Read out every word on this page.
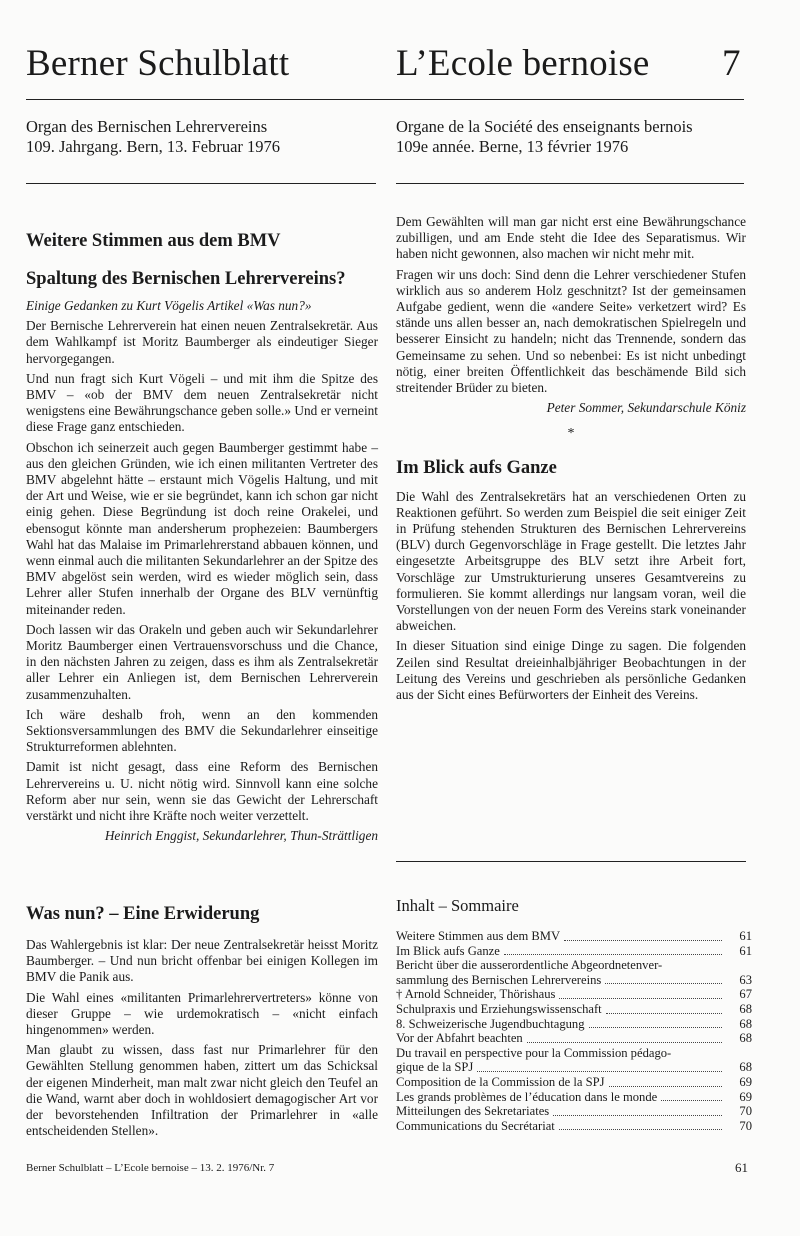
Berner Schulblatt	L’Ecole bernoise 7
Organ des Bernischen Lehrervereins
109. Jahrgang. Bern, 13. Februar 1976
Organe de la Société des enseignants bernois
109e année. Berne, 13 février 1976
Weitere Stimmen aus dem BMV
Spaltung des Bernischen Lehrervereins?

Einige Gedanken zu Kurt Vögelis Artikel «Was nun?»

Der Bernische Lehrerverein hat einen neuen Zentralsekretär. Aus dem Wahlkampf ist Moritz Baumberger als eindeutiger Sieger hervorgegangen.

Und nun fragt sich Kurt Vögeli – und mit ihm die Spitze des BMV – «ob der BMV dem neuen Zentralsekretär nicht wenigstens eine Bewährungschance geben solle.» Und er verneint diese Frage ganz entschieden.

Obschon ich seinerzeit auch gegen Baumberger gestimmt habe – aus den gleichen Gründen, wie ich einen militanten Vertreter des BMV abgelehnt hätte – erstaunt mich Vögelis Haltung, und mit der Art und Weise, wie er sie begründet, kann ich schon gar nicht einig gehen. Diese Begründung ist doch reine Orakelei, und ebensogut könnte man andersherum prophezeien: Baumbergers Wahl hat das Malaise im Primarlehrerstand abbauen können, und wenn einmal auch die militanten Sekundarlehrer an der Spitze des BMV abgelöst sein werden, wird es wieder möglich sein, dass Lehrer aller Stufen innerhalb der Organe des BLV vernünftig miteinander reden.

Doch lassen wir das Orakeln und geben auch wir Sekundarlehrer Moritz Baumberger einen Vertrauensvorschuss und die Chance, in den nächsten Jahren zu zeigen, dass es ihm als Zentralsekretär aller Lehrer ein Anliegen ist, dem Bernischen Lehrerverein zusammenzuhalten.

Ich wäre deshalb froh, wenn an den kommenden Sektionsversammlungen des BMV die Sekundarlehrer einseitige Strukturreformen ablehnten.

Damit ist nicht gesagt, dass eine Reform des Bernischen Lehrervereins u. U. nicht nötig wird. Sinnvoll kann eine solche Reform aber nur sein, wenn sie das Gewicht der Lehrerschaft verstärkt und nicht ihre Kräfte noch weiter verzettelt.

Heinrich Enggist, Sekundarlehrer, Thun-Strättligen

Was nun? – Eine Erwiderung

Das Wahlergebnis ist klar: Der neue Zentralsekretär heisst Moritz Baumberger. – Und nun bricht offenbar bei einigen Kollegen im BMV die Panik aus.

Die Wahl eines «militanten Primarlehrervertreters» könne von dieser Gruppe – wie urdemokratisch – «nicht einfach hingenommen» werden.

Man glaubt zu wissen, dass fast nur Primarlehrer für den Gewählten Stellung genommen haben, zittert um das Schicksal der eigenen Minderheit, man malt zwar nicht gleich den Teufel an die Wand, warnt aber doch in wohldosiert demagogischer Art vor der bevorstehenden Infiltration der Primarlehrer in «alle entscheidenden Stellen».

Dem Gewählten will man gar nicht erst eine Bewährungschance zubilligen, und am Ende steht die Idee des Separatismus. Wir haben nicht gewonnen, also machen wir nicht mehr mit.

Fragen wir uns doch: Sind denn die Lehrer verschiedener Stufen wirklich aus so anderem Holz geschnitzt? Ist der gemeinsamen Aufgabe gedient, wenn die «andere Seite» verketzert wird? Es stände uns allen besser an, nach demokratischen Spielregeln und besserer Einsicht zu handeln; nicht das Trennende, sondern das Gemeinsame zu sehen. Und so nebenbei: Es ist nicht unbedingt nötig, einer breiten Öffentlichkeit das beschämende Bild sich streitender Brüder zu bieten.

Peter Sommer, Sekundarschule Köniz

*
Im Blick aufs Ganze

Die Wahl des Zentralsekretärs hat an verschiedenen Orten zu Reaktionen geführt. So werden zum Beispiel die seit einiger Zeit in Prüfung stehenden Strukturen des Bernischen Lehrervereins (BLV) durch Gegenvorschläge in Frage gestellt. Die letztes Jahr eingesetzte Arbeitsgruppe des BLV setzt ihre Arbeit fort, Vorschläge zur Umstrukturierung unseres Gesamtvereins zu formulieren. Sie kommt allerdings nur langsam voran, weil die Vorstellungen von der neuen Form des Vereins stark voneinander abweichen.

In dieser Situation sind einige Dinge zu sagen. Die folgenden Zeilen sind Resultat dreieinhalbjähriger Beobachtungen in der Leitung des Vereins und geschrieben als persönliche Gedanken aus der Sicht eines Befürworters der Einheit des Vereins.

Inhalt – Sommaire
Weitere Stimmen aus dem BMV	61
Im Blick aufs Ganze	61
Bericht über die ausserordentliche Abgeordnetenver-
sammlung des Bernischen Lehrervereins	63
† Arnold Schneider, Thörishaus	67
Schulpraxis und Erziehungswissenschaft	68
8. Schweizerische Jugendbuchtagung	68
Vor der Abfahrt beachten	68
Du travail en perspective pour la Commission pédago-
gique de la SPJ	68
Composition de la Commission de la SPJ	69
Les grands problèmes de l’éducation dans le monde	69
Mitteilungen des Sekretariates	70
Communications du Secrétariat	70
Berner Schulblatt – L’Ecole bernoise – 13. 2. 1976/Nr. 7	61
